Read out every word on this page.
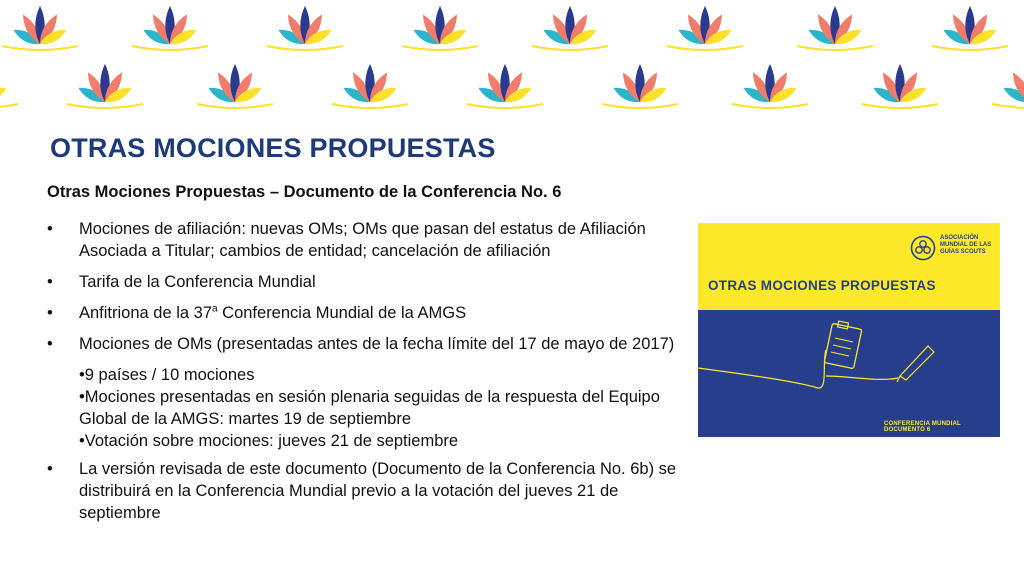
OTRAS MOCIONES PROPUESTAS

Otras Mociones Propuestas – Documento de la Conferencia No. 6

• Mociones de afiliación: nuevas OMs; OMs que pasan del estatus de Afiliación Asociada a Titular; cambios de entidad; cancelación de afiliación
• Tarifa de la Conferencia Mundial
• Anfitriona de la 37$^a$ Conferencia Mundial de la AMGS
• Mociones de OMs (presentadas antes de la fecha límite del 17 de mayo de 2017)
•9 países / 10 mociones
•Mociones presentadas en sesión plenaria seguidas de la respuesta del Equipo Global de la AMGS: martes 19 de septiembre
•Votación sobre mociones: jueves 21 de septiembre
• La versión revisada de este documento (Documento de la Conferencia No. 6b) se distribuirá en la Conferencia Mundial previo a la votación del jueves 21 de septiembre
ASOCIACIÓN
MUNDIAL DE LAS
GUÍAS SCOUTS
OTRAS MOCIONES PROPUESTAS
CONFERENCIA MUNDIAL DOCUMENTO 6
